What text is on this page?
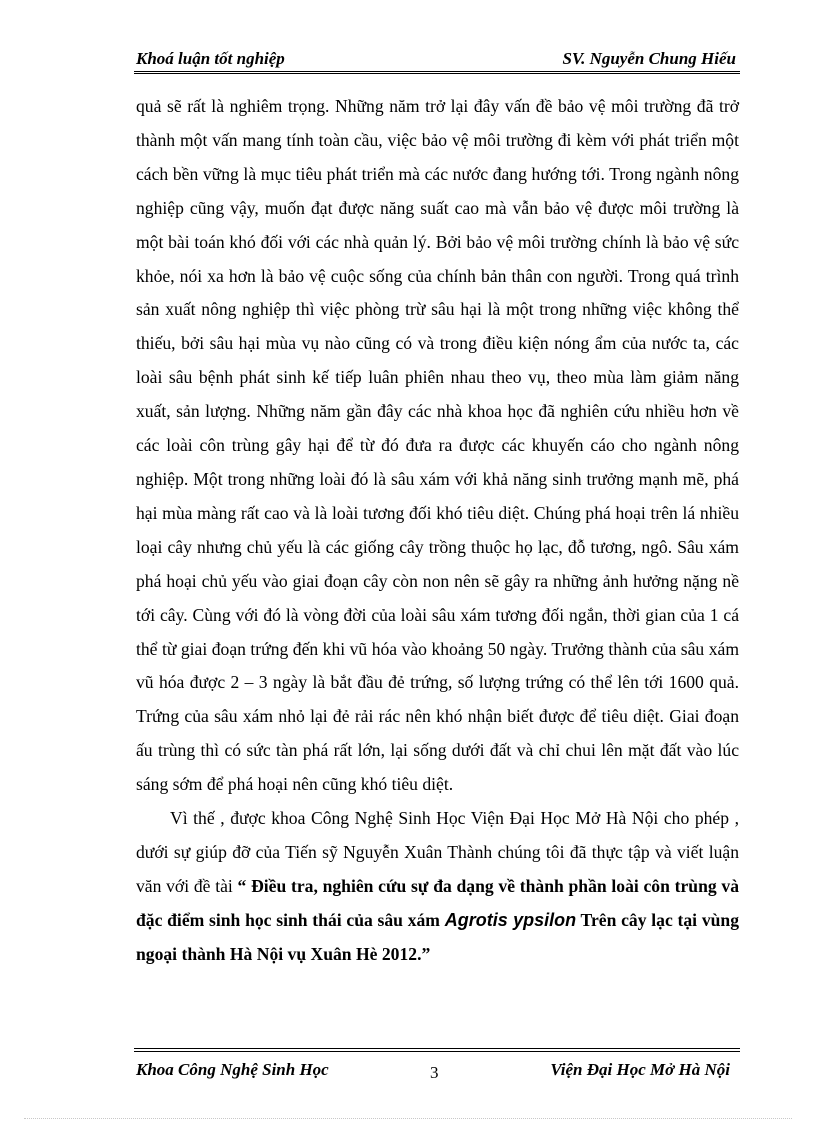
Khoá luận tốt nghiệp	SV. Nguyễn Chung Hiếu

quả sẽ rất là nghiêm trọng. Những năm trở lại đây vấn đề bảo vệ môi trường đã trở thành một vấn mang tính toàn cầu, việc bảo vệ môi trường đi kèm với phát triển một cách bền vững là mục tiêu phát triển mà các nước đang hướng tới. Trong ngành nông nghiệp cũng vậy, muốn đạt được năng suất cao mà vẫn bảo vệ được môi trường là một bài toán khó đối với các nhà quản lý. Bởi bảo vệ môi trường chính là bảo vệ sức khỏe, nói xa hơn là bảo vệ cuộc sống của chính bản thân con người. Trong quá trình sản xuất nông nghiệp thì việc phòng trừ sâu hại là một trong những việc không thể thiếu, bởi sâu hại mùa vụ nào cũng có và trong điều kiện nóng ẩm của nước ta, các loài sâu bệnh phát sinh kế tiếp luân phiên nhau theo vụ, theo mùa làm giảm năng xuất, sản lượng. Những năm gần đây các nhà khoa học đã nghiên cứu nhiều hơn về các loài côn trùng gây hại để từ đó đưa ra được các khuyến cáo cho ngành nông nghiệp. Một trong những loài đó là sâu xám với khả năng sinh trưởng mạnh mẽ, phá hại mùa màng rất cao và là loài tương đối khó tiêu diệt. Chúng phá hoại trên lá nhiều loại cây nhưng chủ yếu là các giống cây trồng thuộc họ lạc, đỗ tương, ngô. Sâu xám phá hoại chủ yếu vào giai đoạn cây còn non nên sẽ gây ra những ảnh hưởng nặng nề tới cây. Cùng với đó là vòng đời của loài sâu xám tương đối ngắn, thời gian của 1 cá thể từ giai đoạn trứng đến khi vũ hóa vào khoảng 50 ngày. Trưởng thành của sâu xám vũ hóa được 2 – 3 ngày là bắt đầu đẻ trứng, số lượng trứng có thể lên tới 1600 quả. Trứng của sâu xám nhỏ lại đẻ rải rác nên khó nhận biết được để tiêu diệt. Giai đoạn ấu trùng thì có sức tàn phá rất lớn, lại sống dưới đất và chỉ chui lên mặt đất vào lúc sáng sớm để phá hoại nên cũng khó tiêu diệt.

Vì thế , được khoa Công Nghệ Sinh Học Viện Đại Học Mở Hà Nội cho phép , dưới sự giúp đỡ của Tiến sỹ Nguyễn Xuân Thành chúng tôi đã thực tập và viết luận văn với đề tài “ Điều tra, nghiên cứu sự đa dạng về thành phần loài côn trùng và đặc điểm sinh học sinh thái của sâu xám Agrotis ypsilon Trên cây lạc tại vùng ngoại thành Hà Nội vụ Xuân Hè 2012.”

Khoa Công Nghệ Sinh Học	3	Viện Đại Học Mở Hà Nội
